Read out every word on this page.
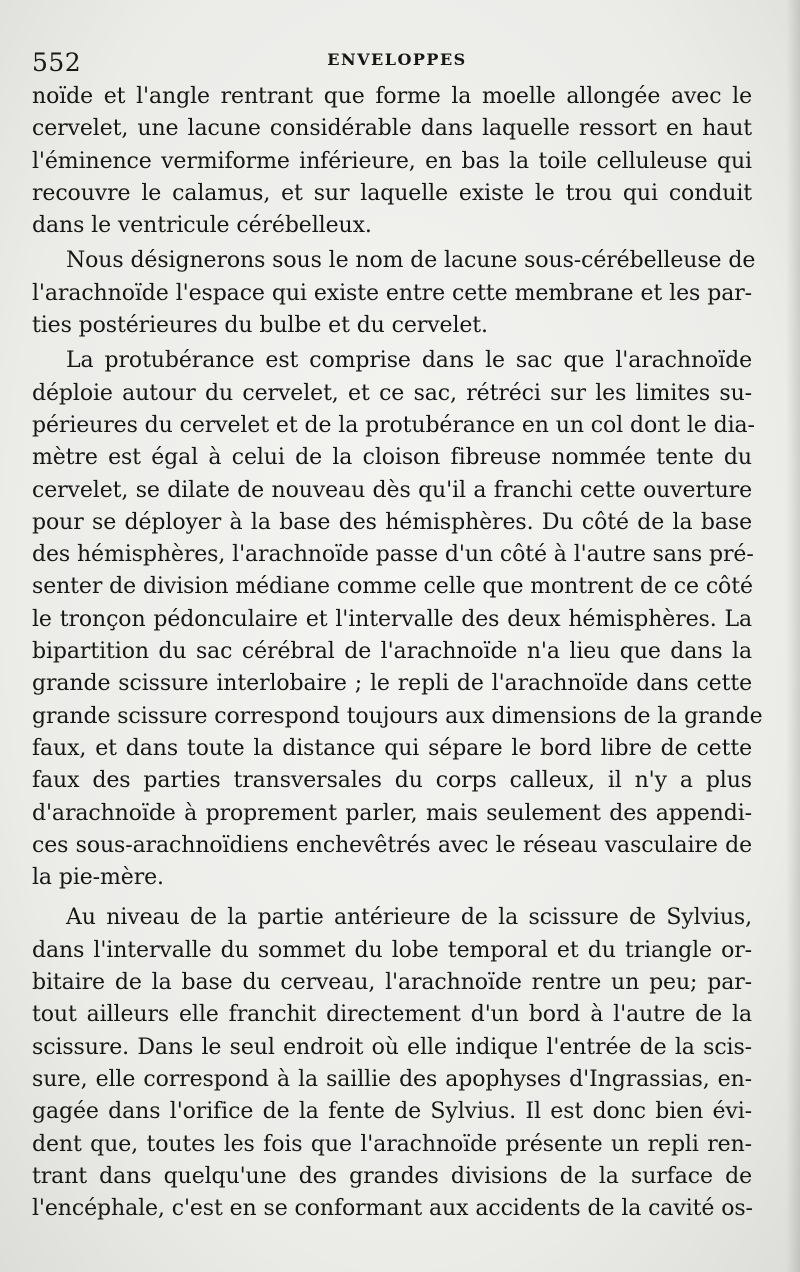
552	ENVELOPPES
noïde et l'angle rentrant que forme la moelle allongée avec le
cervelet, une lacune considérable dans laquelle ressort en haut
l'éminence vermiforme inférieure, en bas la toile celluleuse qui
recouvre le calamus, et sur laquelle existe le trou qui conduit
dans le ventricule cérébelleux.
Nous désignerons sous le nom de lacune sous-cérébelleuse de
l'arachnoïde l'espace qui existe entre cette membrane et les par-
ties postérieures du bulbe et du cervelet.
La protubérance est comprise dans le sac que l'arachnoïde
déploie autour du cervelet, et ce sac, rétréci sur les limites su-
périeures du cervelet et de la protubérance en un col dont le dia-
mètre est égal à celui de la cloison fibreuse nommée tente du
cervelet, se dilate de nouveau dès qu'il a franchi cette ouverture
pour se déployer à la base des hémisphères. Du côté de la base
des hémisphères, l'arachnoïde passe d'un côté à l'autre sans pré-
senter de division médiane comme celle que montrent de ce côté
le tronçon pédonculaire et l'intervalle des deux hémisphères. La
bipartition du sac cérébral de l'arachnoïde n'a lieu que dans la
grande scissure interlobaire ; le repli de l'arachnoïde dans cette
grande scissure correspond toujours aux dimensions de la grande
faux, et dans toute la distance qui sépare le bord libre de cette
faux des parties transversales du corps calleux, il n'y a plus
d'arachnoïde à proprement parler, mais seulement des appendi-
ces sous-arachnoïdiens enchevêtrés avec le réseau vasculaire de
la pie-mère.
Au niveau de la partie antérieure de la scissure de Sylvius,
dans l'intervalle du sommet du lobe temporal et du triangle or-
bitaire de la base du cerveau, l'arachnoïde rentre un peu; par-
tout ailleurs elle franchit directement d'un bord à l'autre de la
scissure. Dans le seul endroit où elle indique l'entrée de la scis-
sure, elle correspond à la saillie des apophyses d'Ingrassias, en-
gagée dans l'orifice de la fente de Sylvius. Il est donc bien évi-
dent que, toutes les fois que l'arachnoïde présente un repli ren-
trant dans quelqu'une des grandes divisions de la surface de
l'encéphale, c'est en se conformant aux accidents de la cavité os-
